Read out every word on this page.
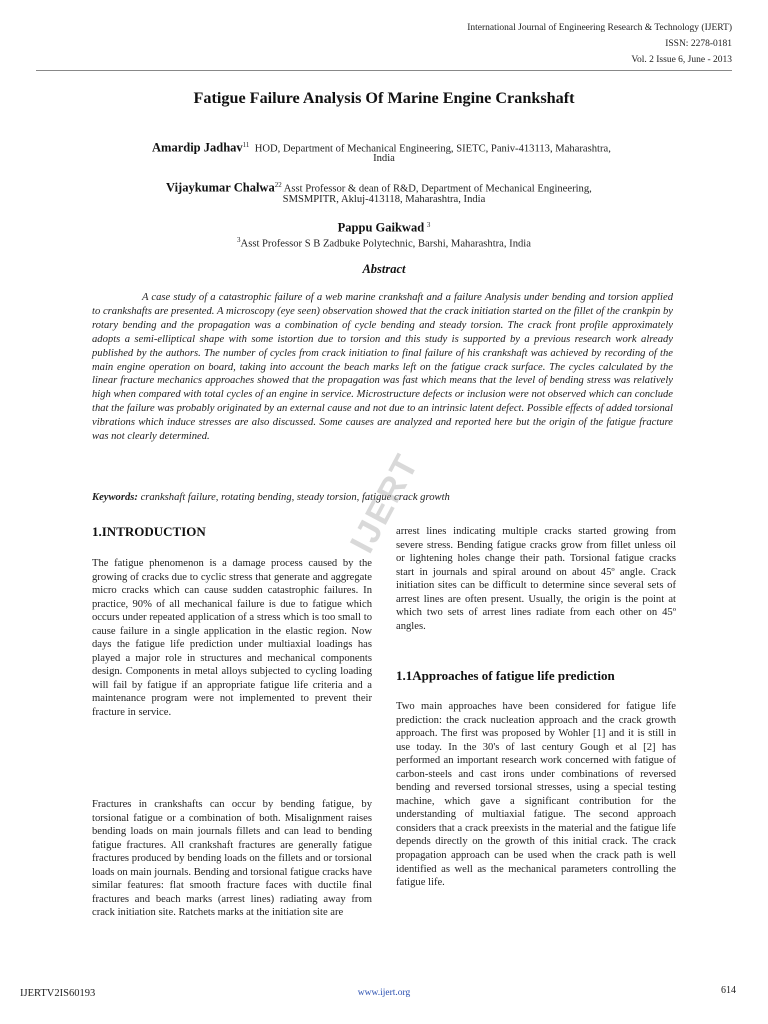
International Journal of Engineering Research & Technology (IJERT)
ISSN: 2278-0181
Vol. 2 Issue 6, June - 2013
Fatigue Failure Analysis Of Marine Engine Crankshaft
Amardip Jadhav$^{11}$ HOD, Department of Mechanical Engineering, SIETC, Paniv-413113, Maharashtra,
India
Vijaykumar Chalwa$^{22}$ Asst Professor & dean of R&D, Department of Mechanical Engineering,
SMSMPITR, Akluj-413118, Maharashtra, India
Pappu Gaikwad $^3$
$^3$Asst Professor S B Zadbuke Polytechnic, Barshi, Maharashtra, India
Abstract

A case study of a catastrophic failure of a web marine crankshaft and a failure Analysis under bending and torsion applied to crankshafts are presented. A microscopy (eye seen) observation showed that the crack initiation started on the fillet of the crankpin by rotary bending and the propagation was a combination of cycle bending and steady torsion. The crack front profile approximately adopts a semi-elliptical shape with some istortion due to torsion and this study is supported by a previous research work already published by the authors. The number of cycles from crack initiation to final failure of his crankshaft was achieved by recording of the main engine operation on board, taking into account the beach marks left on the fatigue crack surface. The cycles calculated by the linear fracture mechanics approaches showed that the propagation was fast which means that the level of bending stress was relatively high when compared with total cycles of an engine in service. Microstructure defects or inclusion were not observed which can conclude that the failure was probably originated by an external cause and not due to an intrinsic latent defect. Possible effects of added torsional vibrations which induce stresses are also discussed. Some causes are analyzed and reported here but the origin of the fatigue fracture was not clearly determined.

Keywords: crankshaft failure, rotating bending, steady torsion, fatigue crack growth
IJERT
1.INTRODUCTION

The fatigue phenomenon is a damage process caused by the growing of cracks due to cyclic stress that generate and aggregate micro cracks which can cause sudden catastrophic failures. In practice, 90% of all mechanical failure is due to fatigue which occurs under repeated application of a stress which is too small to cause failure in a single application in the elastic region. Now days the fatigue life prediction under multiaxial loadings has played a major role in structures and mechanical components design. Components in metal alloys subjected to cycling loading will fail by fatigue if an appropriate fatigue life criteria and a maintenance program were not implemented to prevent their fracture in service.

Fractures in crankshafts can occur by bending fatigue, by torsional fatigue or a combination of both. Misalignment raises bending loads on main journals fillets and can lead to bending fatigue fractures. All crankshaft fractures are generally fatigue fractures produced by bending loads on the fillets and or torsional loads on main journals. Bending and torsional fatigue cracks have similar features: flat smooth fracture faces with ductile final fractures and beach marks (arrest lines) radiating away from crack initiation site. Ratchets marks at the initiation site are

arrest lines indicating multiple cracks started growing from severe stress. Bending fatigue cracks grow from fillet unless oil or lightening holes change their path. Torsional fatigue cracks start in journals and spiral around on about 45º angle. Crack initiation sites can be difficult to determine since several sets of arrest lines are often present. Usually, the origin is the point at which two sets of arrest lines radiate from each other on 45º angles.

1.1Approaches of fatigue life prediction

Two main approaches have been considered for fatigue life prediction: the crack nucleation approach and the crack growth approach. The first was proposed by Wohler [1] and it is still in use today. In the 30's of last century Gough et al [2] has performed an important research work concerned with fatigue of carbon-steels and cast irons under combinations of reversed bending and reversed torsional stresses, using a special testing machine, which gave a significant contribution for the understanding of multiaxial fatigue. The second approach considers that a crack preexists in the material and the fatigue life depends directly on the growth of this initial crack. The crack propagation approach can be used when the crack path is well identified as well as the mechanical parameters controlling the fatigue life.

IJERTV2IS60193	www.ijert.org	614
